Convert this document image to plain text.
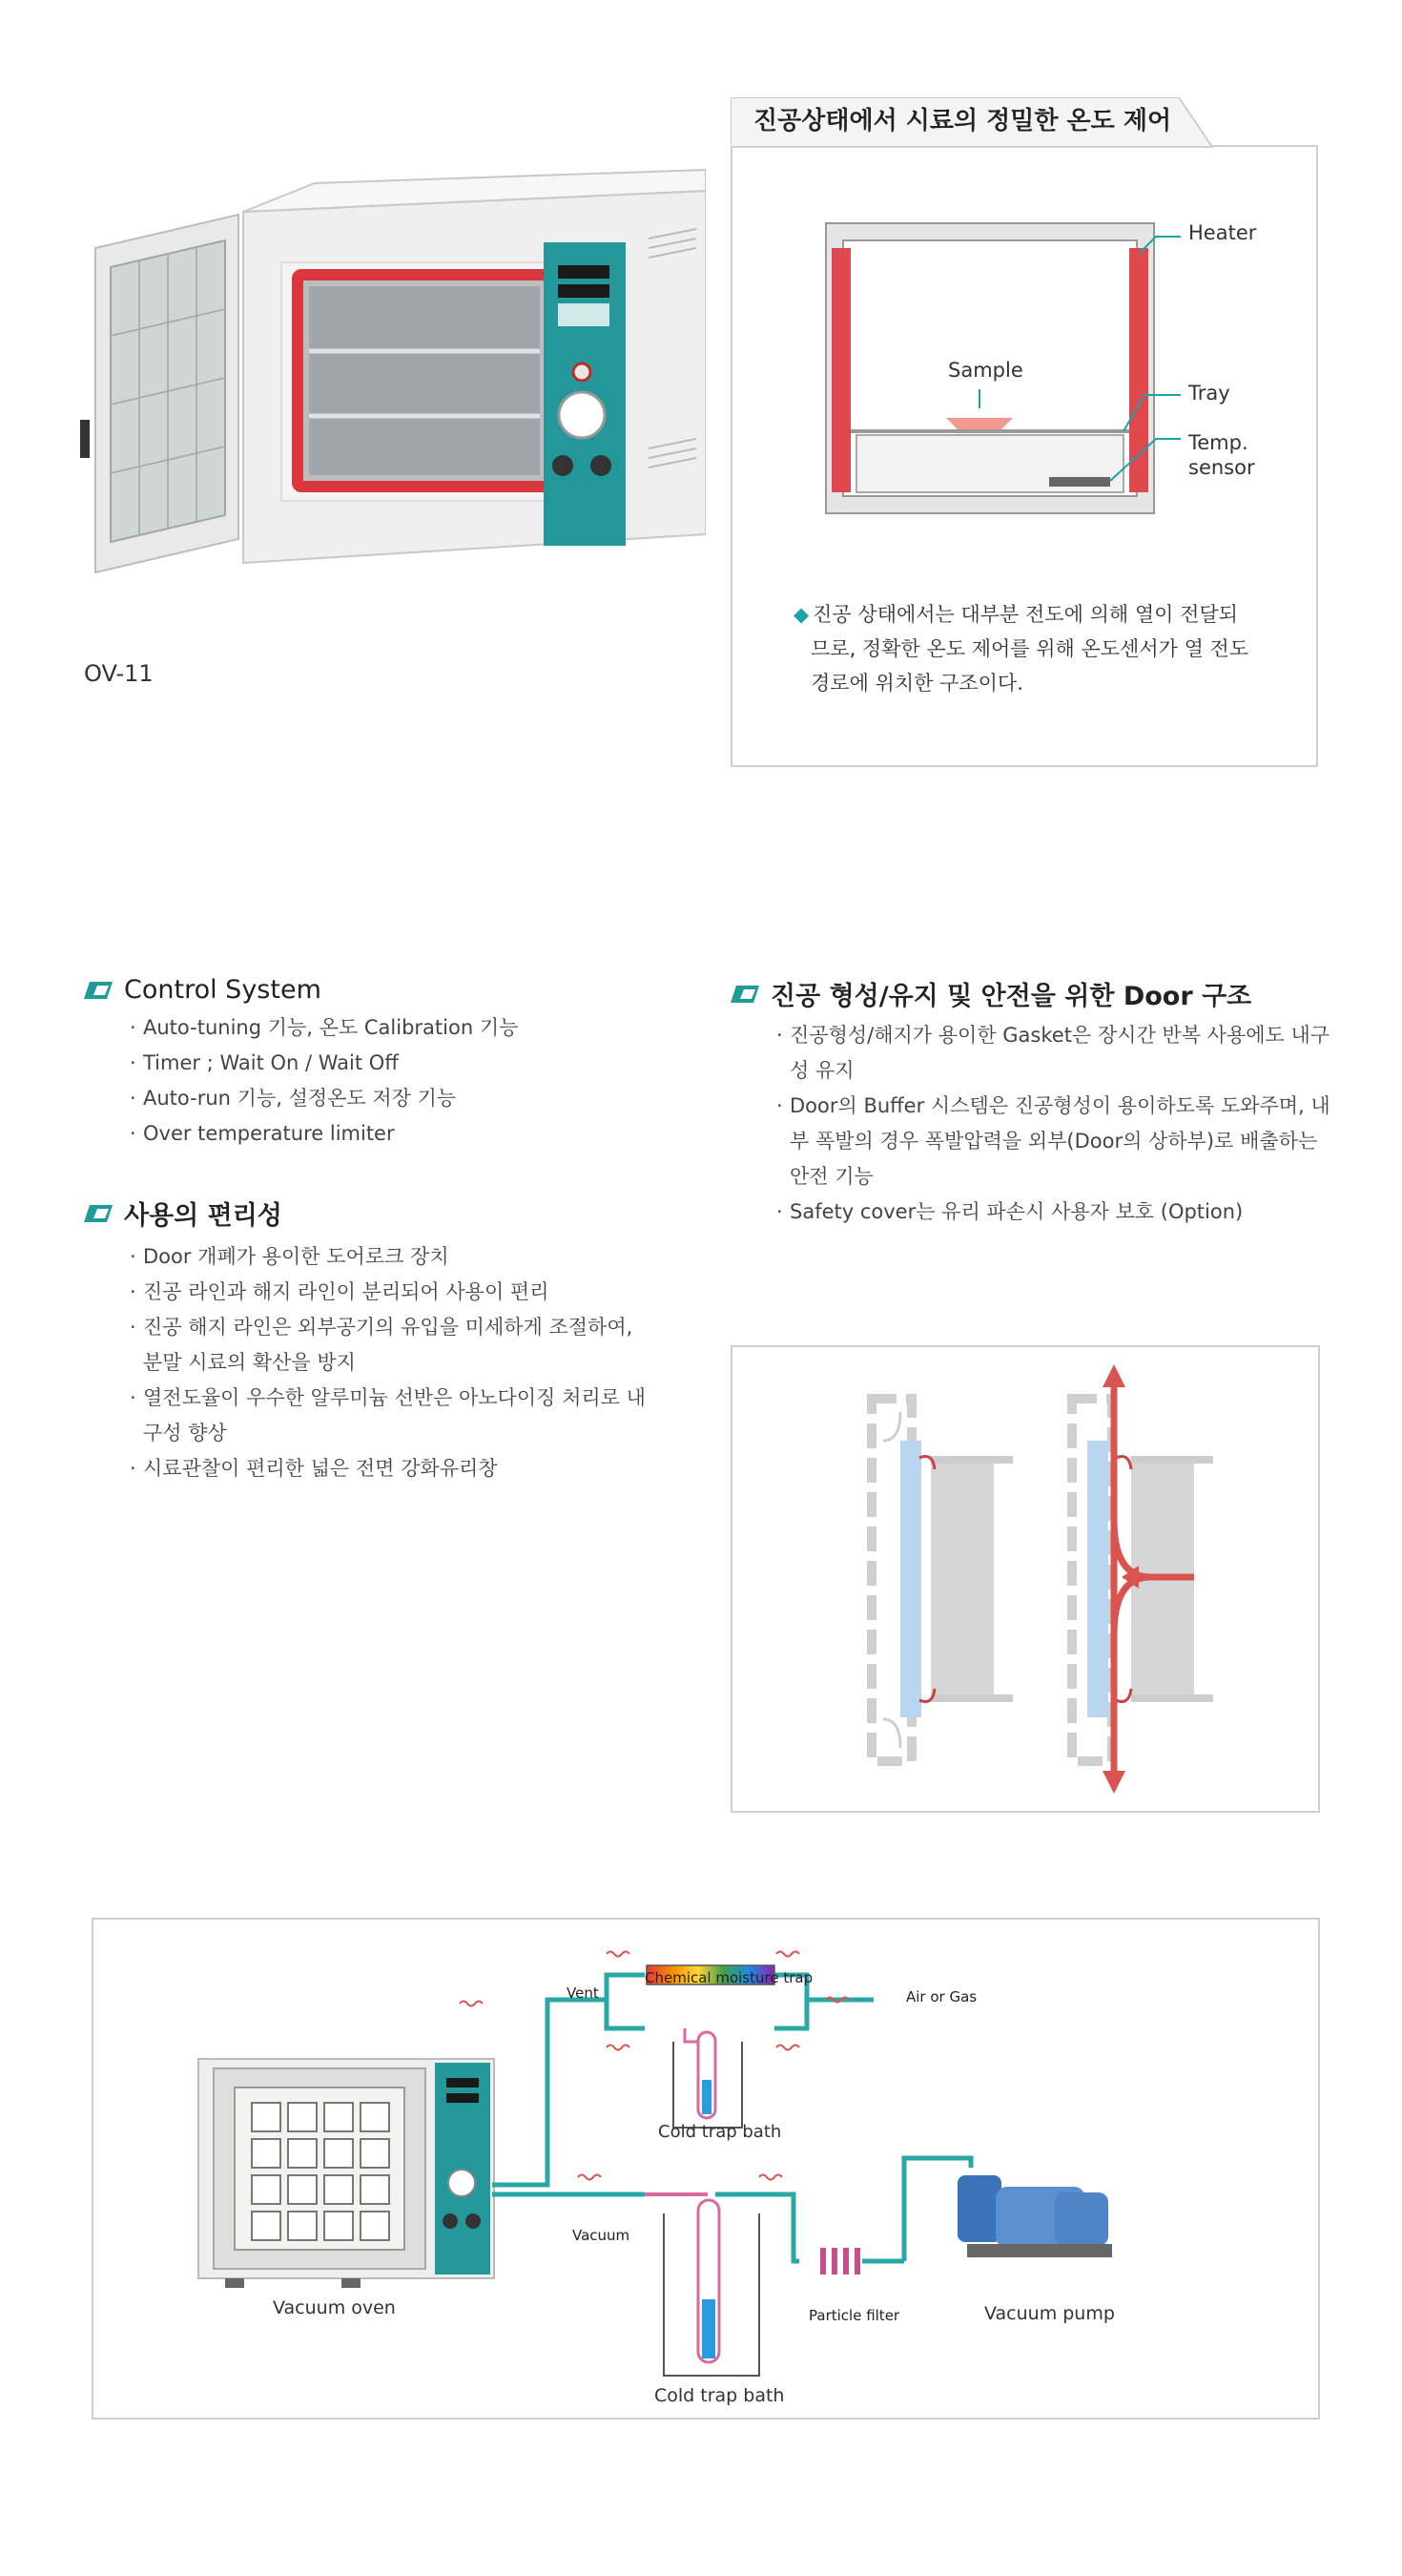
OV-11
진공상태에서 시료의 정밀한 온도 제어
Heater
Sample
Tray
Temp.
sensor
◆ 진공 상태에서는 대부분 전도에 의해 열이 전달되
므로, 정확한 온도 제어를 위해 온도센서가 열 전도
경로에 위치한 구조이다.
Control System
· Auto-tuning 기능, 온도 Calibration 기능
· Timer ; Wait On / Wait Off
· Auto-run 기능, 설정온도 저장 기능
· Over temperature limiter
사용의 편리성
· Door 개폐가 용이한 도어로크 장치
· 진공 라인과 해지 라인이 분리되어 사용이 편리
· 진공 해지 라인은 외부공기의 유입을 미세하게 조절하여, 분말 시료의 확산을 방지
· 열전도율이 우수한 알루미늄 선반은 아노다이징 처리로 내구성 향상
· 시료관찰이 편리한 넓은 전면 강화유리창
진공 형성/유지 및 안전을 위한 Door 구조
· 진공형성/해지가 용이한 Gasket은 장시간 반복 사용에도 내구성 유지
· Door의 Buffer 시스템은 진공형성이 용이하도록 도와주며, 내부 폭발의 경우 폭발압력을 외부(Door의 상하부)로 배출하는 안전 기능
· Safety cover는 유리 파손시 사용자 보호 (Option)
Vent
Chemical moisture trap
Air or Gas
Cold trap bath
Vacuum
Particle filter	Vacuum pump
Vacuum oven
Cold trap bath
